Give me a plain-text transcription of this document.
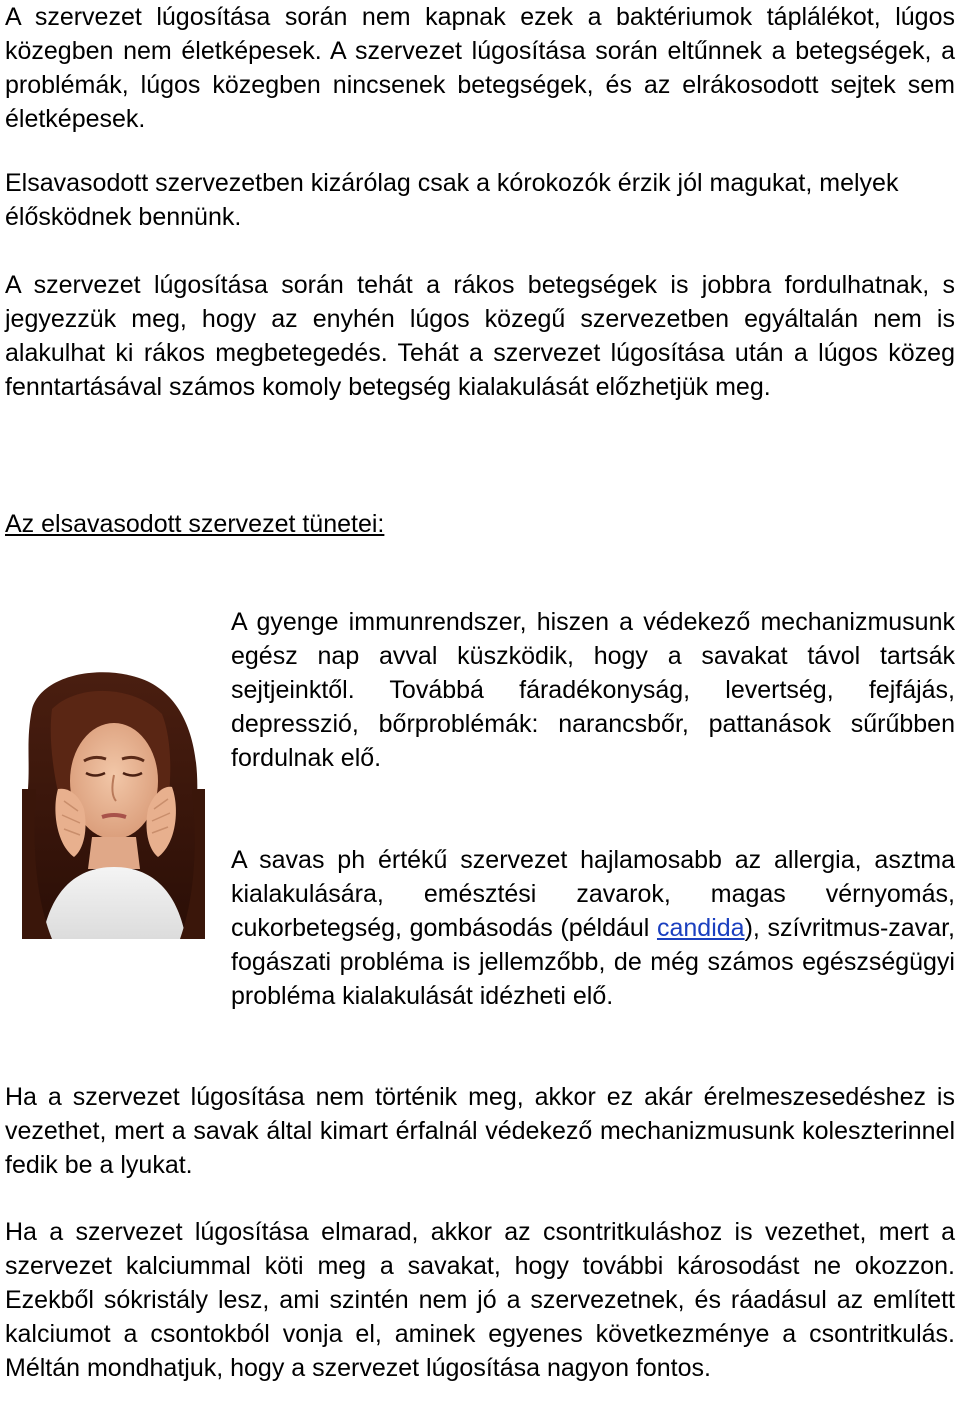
A szervezet lúgosítása során nem kapnak ezek a baktériumok táplálékot, lúgos közegben nem életképesek. A szervezet lúgosítása során eltűnnek a betegségek, a problémák, lúgos közegben nincsenek betegségek, és az elrákosodott sejtek sem életképesek.

Elsavasodott szervezetben kizárólag csak a kórokozók érzik jól magukat, melyek élősködnek bennünk.

A szervezet lúgosítása során tehát a rákos betegségek is jobbra fordulhatnak, s jegyezzük meg, hogy az enyhén lúgos közegű szervezetben egyáltalán nem is alakulhat ki rákos megbetegedés. Tehát a szervezet lúgosítása után a lúgos közeg fenntartásával számos komoly betegség kialakulását előzhetjük meg.

Az elsavasodott szervezet tünetei:

A gyenge immunrendszer, hiszen a védekező mechanizmusunk egész nap avval küszködik, hogy a savakat távol tartsák sejtjeinktől. Továbbá fáradékonyság, levertség, fejfájás, depresszió, bőrproblémák: narancsbőr, pattanások sűrűbben fordulnak elő.

A savas ph értékű szervezet hajlamosabb az allergia, asztma kialakulására, emésztési zavarok, magas vérnyomás, cukorbetegség, gombásodás (például candida), szívritmus-zavar, fogászati probléma is jellemzőbb, de még számos egészségügyi probléma kialakulását idézheti elő.

Ha a szervezet lúgosítása nem történik meg, akkor ez akár érelmeszesedéshez is vezethet, mert a savak által kimart érfalnál védekező mechanizmusunk koleszterinnel fedik be a lyukat.

Ha a szervezet lúgosítása elmarad, akkor az csontritkuláshoz is vezethet, mert a szervezet kalciummal köti meg a savakat, hogy további károsodást ne okozzon. Ezekből sókristály lesz, ami szintén nem jó a szervezetnek, és ráadásul az említett kalciumot a csontokból vonja el, aminek egyenes következménye a csontritkulás. Méltán mondhatjuk, hogy a szervezet lúgosítása nagyon fontos.
